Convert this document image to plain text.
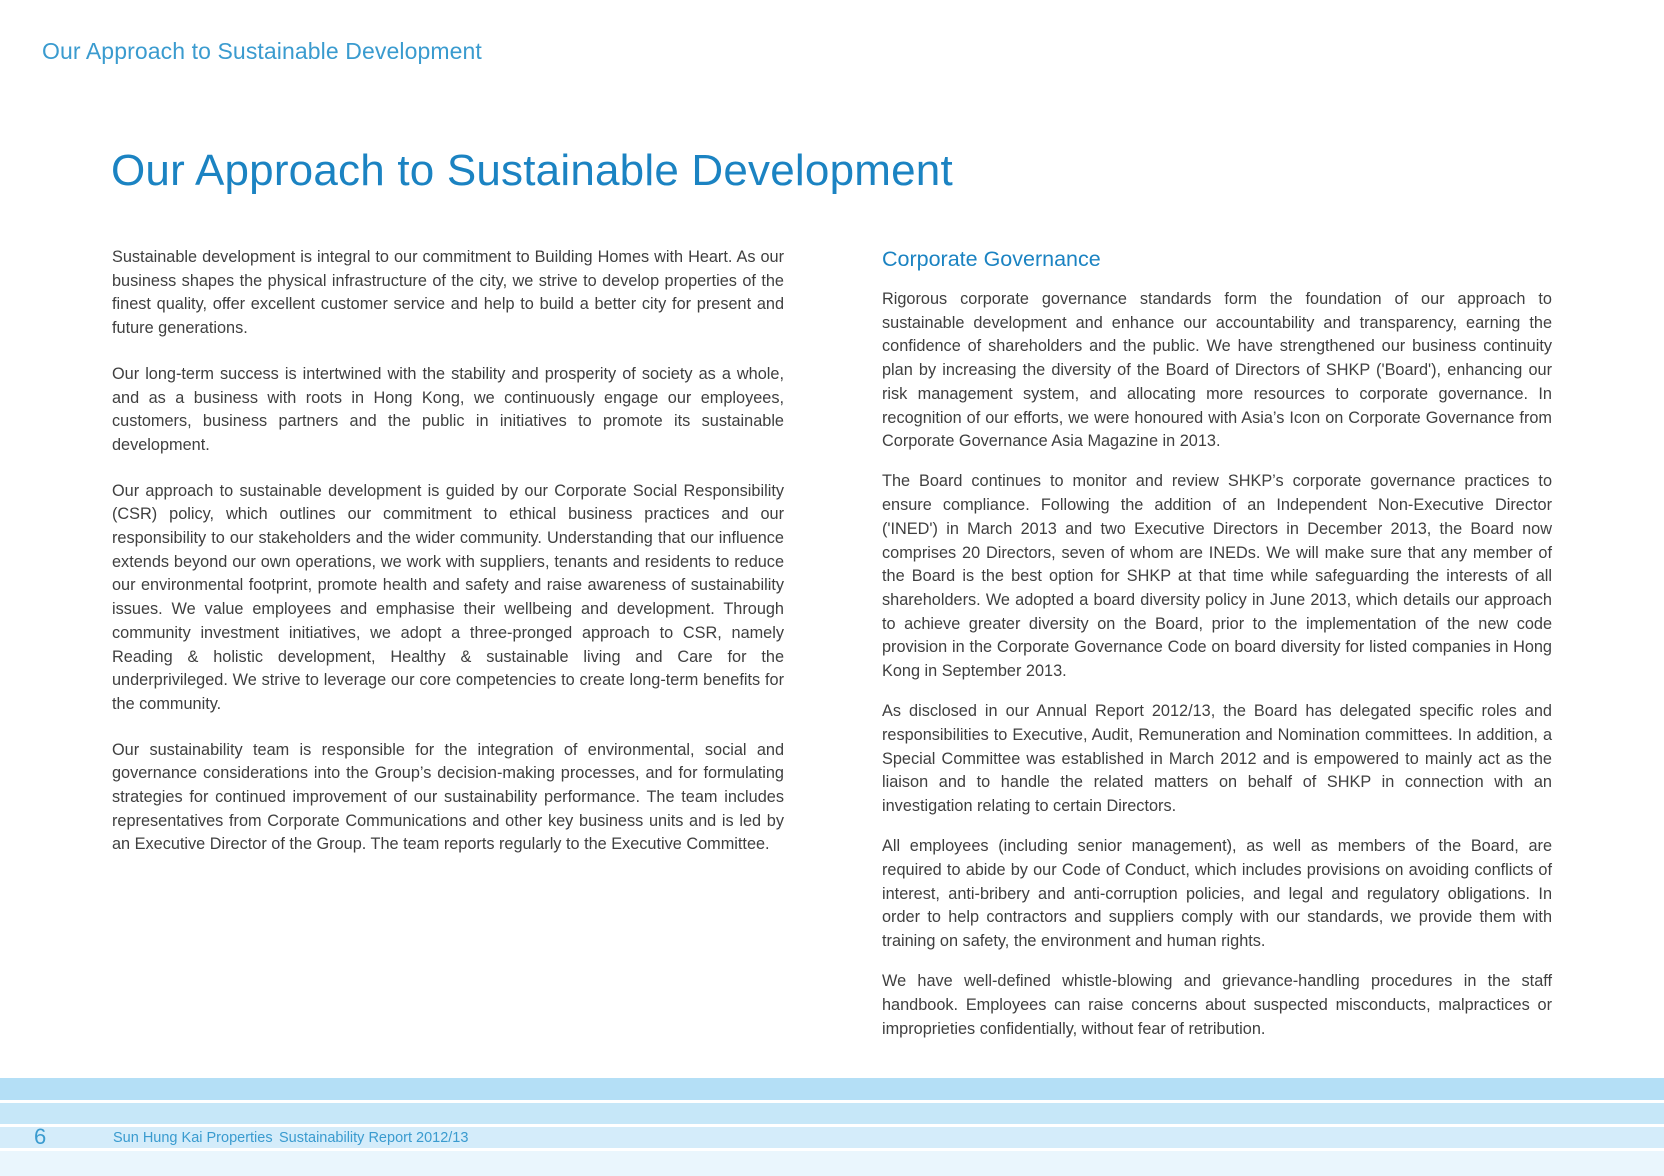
Our Approach to Sustainable Development
Our Approach to Sustainable Development

Sustainable development is integral to our commitment to Building Homes with Heart. As our business shapes the physical infrastructure of the city, we strive to develop properties of the finest quality, offer excellent customer service and help to build a better city for present and future generations.

Our long-term success is intertwined with the stability and prosperity of society as a whole, and as a business with roots in Hong Kong, we continuously engage our employees, customers, business partners and the public in initiatives to promote its sustainable development.

Our approach to sustainable development is guided by our Corporate Social Responsibility (CSR) policy, which outlines our commitment to ethical business practices and our responsibility to our stakeholders and the wider community. Understanding that our influence extends beyond our own operations, we work with suppliers, tenants and residents to reduce our environmental footprint, promote health and safety and raise awareness of sustainability issues. We value employees and emphasise their wellbeing and development. Through community investment initiatives, we adopt a three-pronged approach to CSR, namely Reading & holistic development, Healthy & sustainable living and Care for the underprivileged. We strive to leverage our core competencies to create long-term benefits for the community.

Our sustainability team is responsible for the integration of environmental, social and governance considerations into the Group’s decision-making processes, and for formulating strategies for continued improvement of our sustainability performance. The team includes representatives from Corporate Communications and other key business units and is led by an Executive Director of the Group. The team reports regularly to the Executive Committee.

Corporate Governance

Rigorous corporate governance standards form the foundation of our approach to sustainable development and enhance our accountability and transparency, earning the confidence of shareholders and the public. We have strengthened our business continuity plan by increasing the diversity of the Board of Directors of SHKP ('Board'), enhancing our risk management system, and allocating more resources to corporate governance. In recognition of our efforts, we were honoured with Asia’s Icon on Corporate Governance from Corporate Governance Asia Magazine in 2013.

The Board continues to monitor and review SHKP’s corporate governance practices to ensure compliance. Following the addition of an Independent Non-Executive Director ('INED') in March 2013 and two Executive Directors in December 2013, the Board now comprises 20 Directors, seven of whom are INEDs. We will make sure that any member of the Board is the best option for SHKP at that time while safeguarding the interests of all shareholders. We adopted a board diversity policy in June 2013, which details our approach to achieve greater diversity on the Board, prior to the implementation of the new code provision in the Corporate Governance Code on board diversity for listed companies in Hong Kong in September 2013.

As disclosed in our Annual Report 2012/13, the Board has delegated specific roles and responsibilities to Executive, Audit, Remuneration and Nomination committees. In addition, a Special Committee was established in March 2012 and is empowered to mainly act as the liaison and to handle the related matters on behalf of SHKP in connection with an investigation relating to certain Directors.

All employees (including senior management), as well as members of the Board, are required to abide by our Code of Conduct, which includes provisions on avoiding conflicts of interest, anti-bribery and anti-corruption policies, and legal and regulatory obligations. In order to help contractors and suppliers comply with our standards, we provide them with training on safety, the environment and human rights.

We have well-defined whistle-blowing and grievance-handling procedures in the staff handbook. Employees can raise concerns about suspected misconducts, malpractices or improprieties confidentially, without fear of retribution.

6	Sun Hung Kai Properties Sustainability Report 2012/13
